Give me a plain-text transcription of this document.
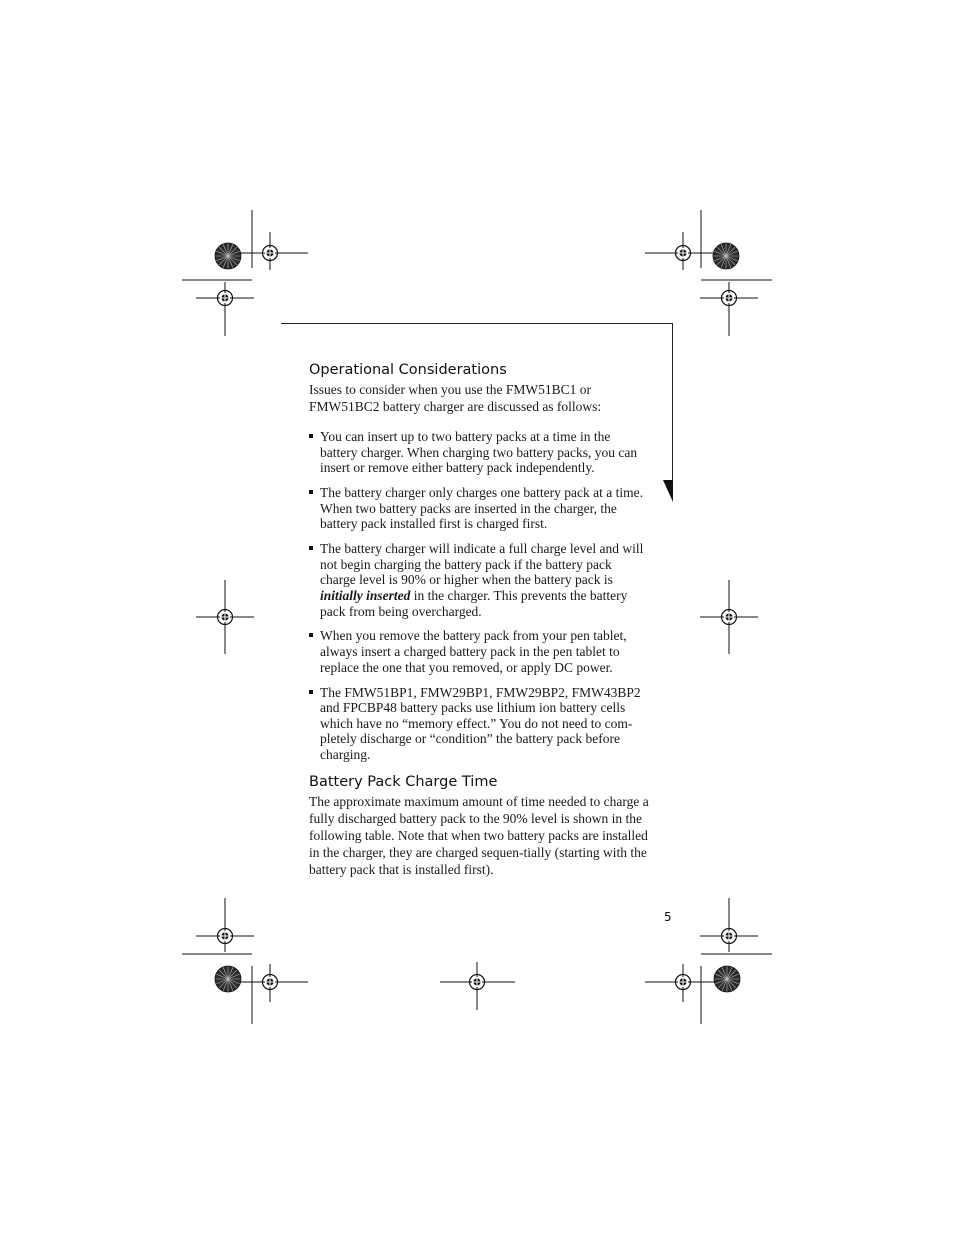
Operational Considerations

Issues to consider when you use the FMW51BC1 or FMW51BC2 battery charger are discussed as follows:

You can insert up to two battery packs at a time in the battery charger. When charging two battery packs, you can insert or remove either battery pack independently.
The battery charger only charges one battery pack at a time. When two battery packs are inserted in the charger, the battery pack installed first is charged first.
The battery charger will indicate a full charge level and will not begin charging the battery pack if the battery pack charge level is 90% or higher when the battery pack is initially inserted in the charger. This prevents the battery pack from being overcharged.
When you remove the battery pack from your pen tablet, always insert a charged battery pack in the pen tablet to replace the one that you removed, or apply DC power.
The FMW51BP1, FMW29BP1, FMW29BP2, FMW43BP2 and FPCBP48 battery packs use lithium ion battery cells which have no “memory effect.” You do not need to com-pletely discharge or “condition” the battery pack before charging.
Battery Pack Charge Time

The approximate maximum amount of time needed to charge a fully discharged battery pack to the 90% level is shown in the following table. Note that when two battery packs are installed in the charger, they are charged sequen-tially (starting with the battery pack that is installed first).

5
